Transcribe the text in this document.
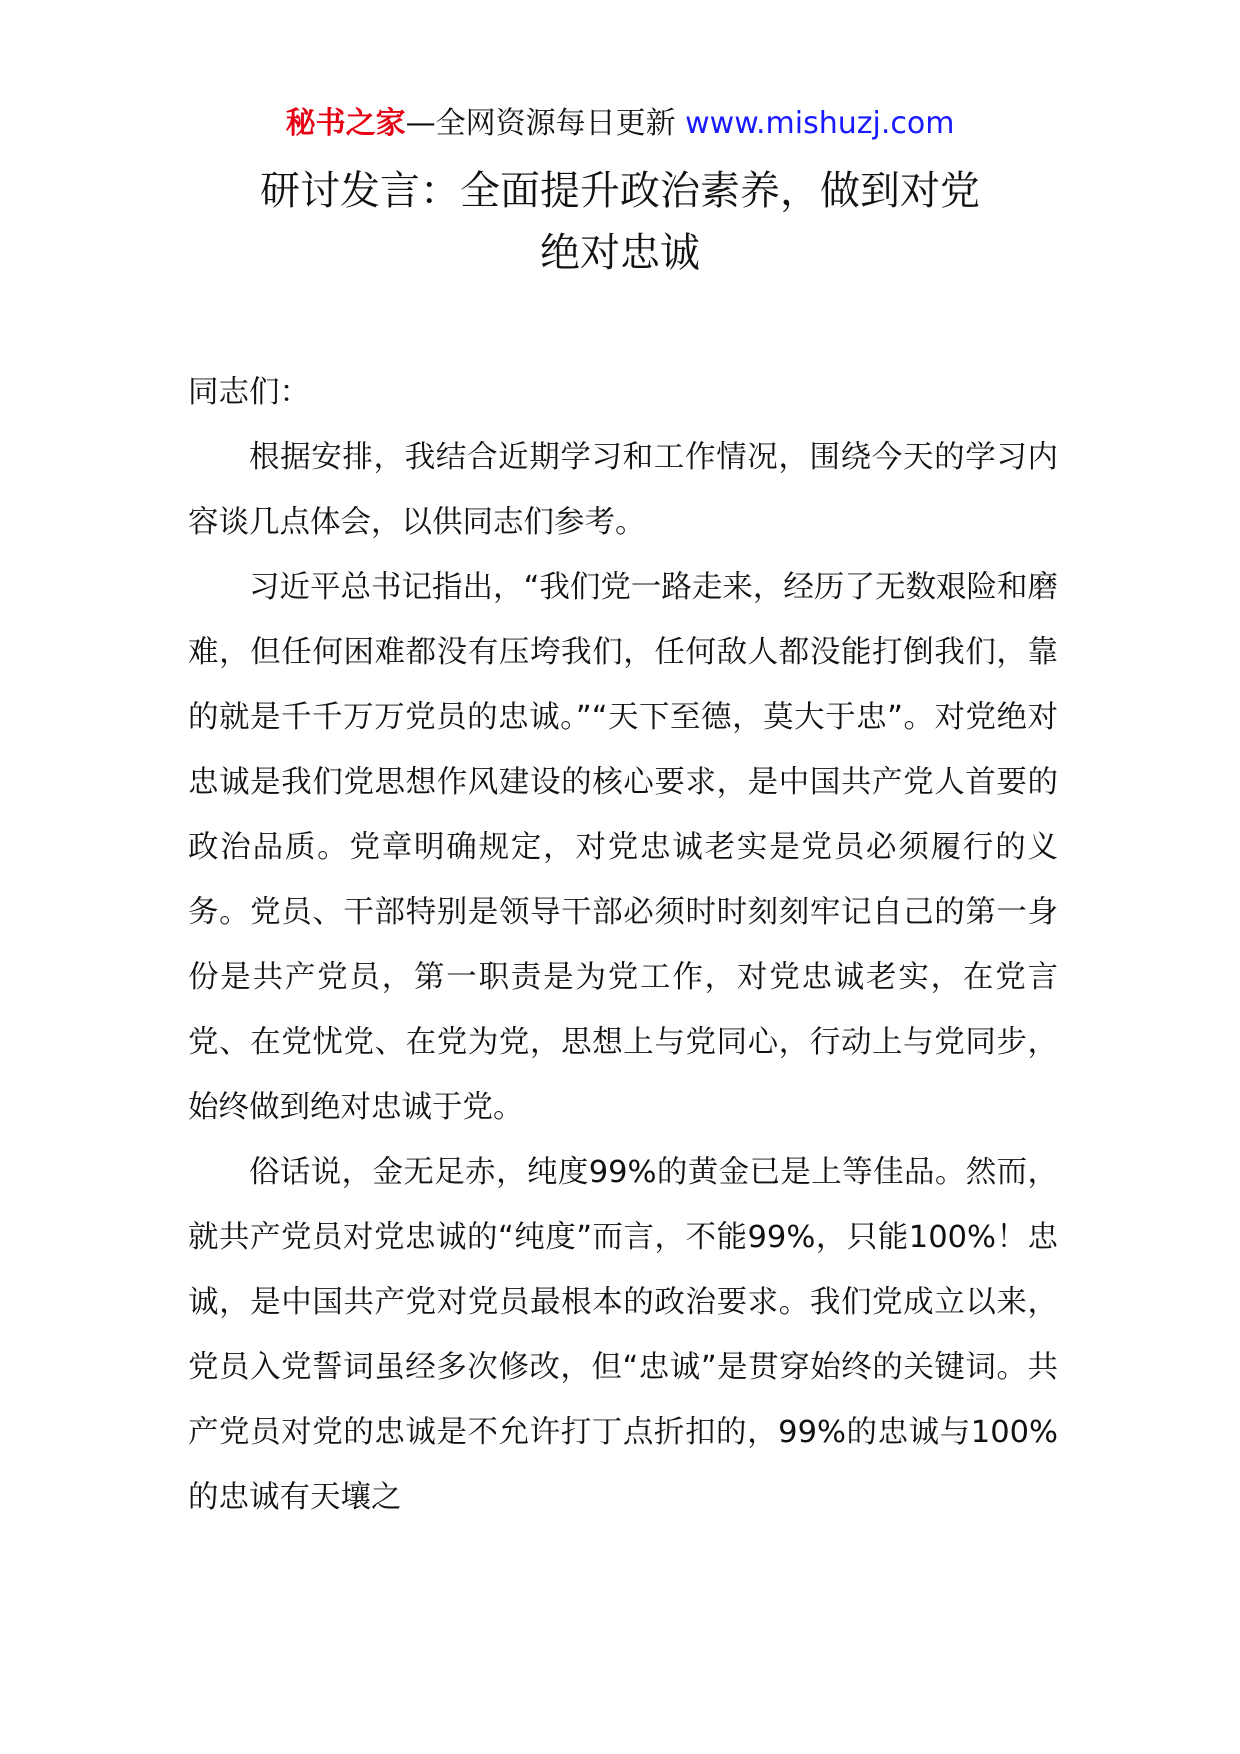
秘书之家—全网资源每日更新 www.mishuzj.com
研讨发言：全面提升政治素养，做到对党
绝对忠诚

同志们：

根据安排，我结合近期学习和工作情况，围绕今天的学习内容谈几点体会，以供同志们参考。

习近平总书记指出，“我们党一路走来，经历了无数艰险和磨难，但任何困难都没有压垮我们，任何敌人都没能打倒我们，靠的就是千千万万党员的忠诚。”“天下至德，莫大于忠”。对党绝对忠诚是我们党思想作风建设的核心要求，是中国共产党人首要的政治品质。党章明确规定，对党忠诚老实是党员必须履行的义务。党员、干部特别是领导干部必须时时刻刻牢记自己的第一身份是共产党员，第一职责是为党工作，对党忠诚老实，在党言党、在党忧党、在党为党，思想上与党同心，行动上与党同步，始终做到绝对忠诚于党。

俗话说，金无足赤，纯度99%的黄金已是上等佳品。然而，就共产党员对党忠诚的“纯度”而言，不能99%，只能100%！忠诚，是中国共产党对党员最根本的政治要求。我们党成立以来，党员入党誓词虽经多次修改，但“忠诚”是贯穿始终的关键词。共产党员对党的忠诚是不允许打丁点折扣的，99%的忠诚与100%的忠诚有天壤之
